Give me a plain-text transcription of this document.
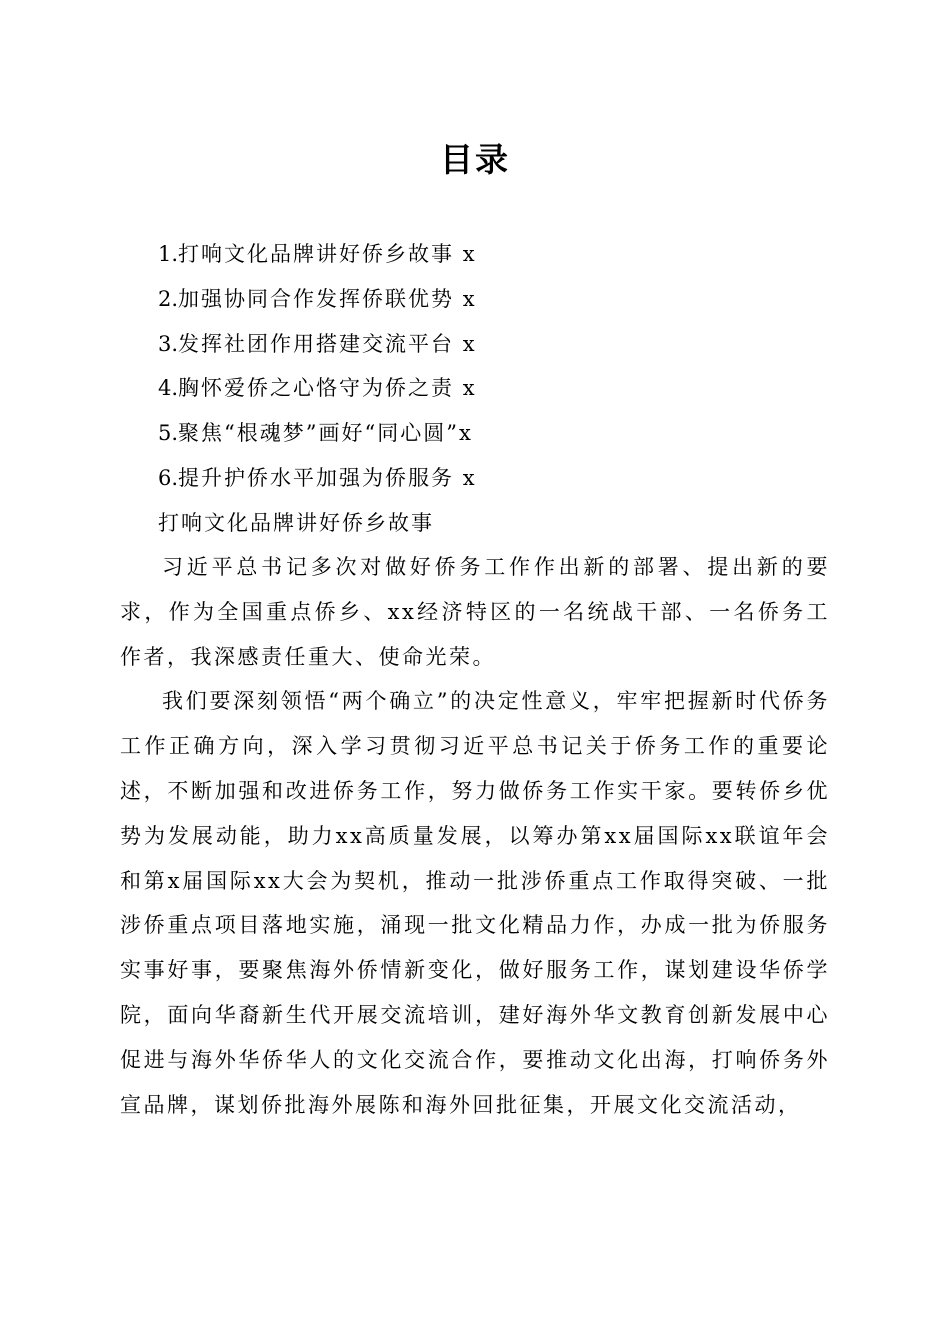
目录
1.打响文化品牌讲好侨乡故事 x
2.加强协同合作发挥侨联优势 x
3.发挥社团作用搭建交流平台 x
4.胸怀爱侨之心恪守为侨之责 x
5.聚焦“根魂梦”画好“同心圆”x
6.提升护侨水平加强为侨服务 x
打响文化品牌讲好侨乡故事

习近平总书记多次对做好侨务工作作出新的部署、提出新的要求，作为全国重点侨乡、xx经济特区的一名统战干部、一名侨务工作者，我深感责任重大、使命光荣。

我们要深刻领悟“两个确立”的决定性意义，牢牢把握新时代侨务工作正确方向，深入学习贯彻习近平总书记关于侨务工作的重要论述，不断加强和改进侨务工作，努力做侨务工作实干家。要转侨乡优势为发展动能，助力xx高质量发展，以筹办第xx届国际xx联谊年会和第x届国际xx大会为契机，推动一批涉侨重点工作取得突破、一批涉侨重点项目落地实施，涌现一批文化精品力作，办成一批为侨服务实事好事，要聚焦海外侨情新变化，做好服务工作，谋划建设华侨学院，面向华裔新生代开展交流培训，建好海外华文教育创新发展中心促进与海外华侨华人的文化交流合作，要推动文化出海，打响侨务外宣品牌，谋划侨批海外展陈和海外回批征集，开展文化交流活动，
